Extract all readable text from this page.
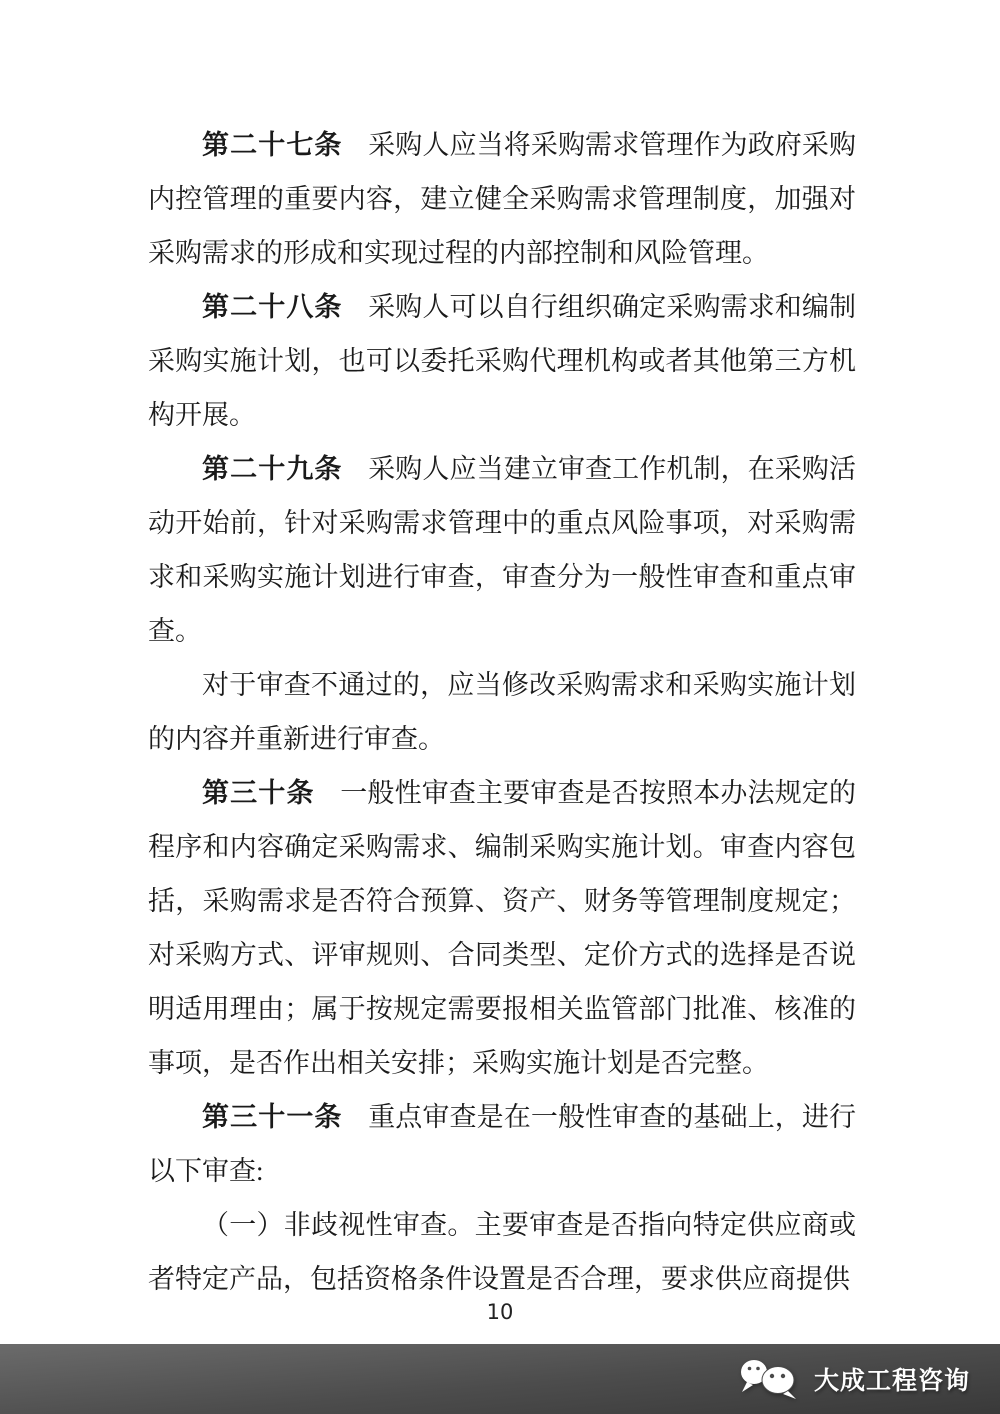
第二十七条 采购人应当将采购需求管理作为政府采购内控管理的重要内容，建立健全采购需求管理制度，加强对采购需求的形成和实现过程的内部控制和风险管理。

第二十八条 采购人可以自行组织确定采购需求和编制采购实施计划，也可以委托采购代理机构或者其他第三方机构开展。

第二十九条 采购人应当建立审查工作机制，在采购活动开始前，针对采购需求管理中的重点风险事项，对采购需求和采购实施计划进行审查，审查分为一般性审查和重点审查。

对于审查不通过的，应当修改采购需求和采购实施计划的内容并重新进行审查。

第三十条 一般性审查主要审查是否按照本办法规定的程序和内容确定采购需求、编制采购实施计划。审查内容包括，采购需求是否符合预算、资产、财务等管理制度规定；对采购方式、评审规则、合同类型、定价方式的选择是否说明适用理由；属于按规定需要报相关监管部门批准、核准的事项，是否作出相关安排；采购实施计划是否完整。

第三十一条 重点审查是在一般性审查的基础上，进行以下审查:

（一）非歧视性审查。主要审查是否指向特定供应商或者特定产品，包括资格条件设置是否合理，要求供应商提供

10
大成工程咨询
